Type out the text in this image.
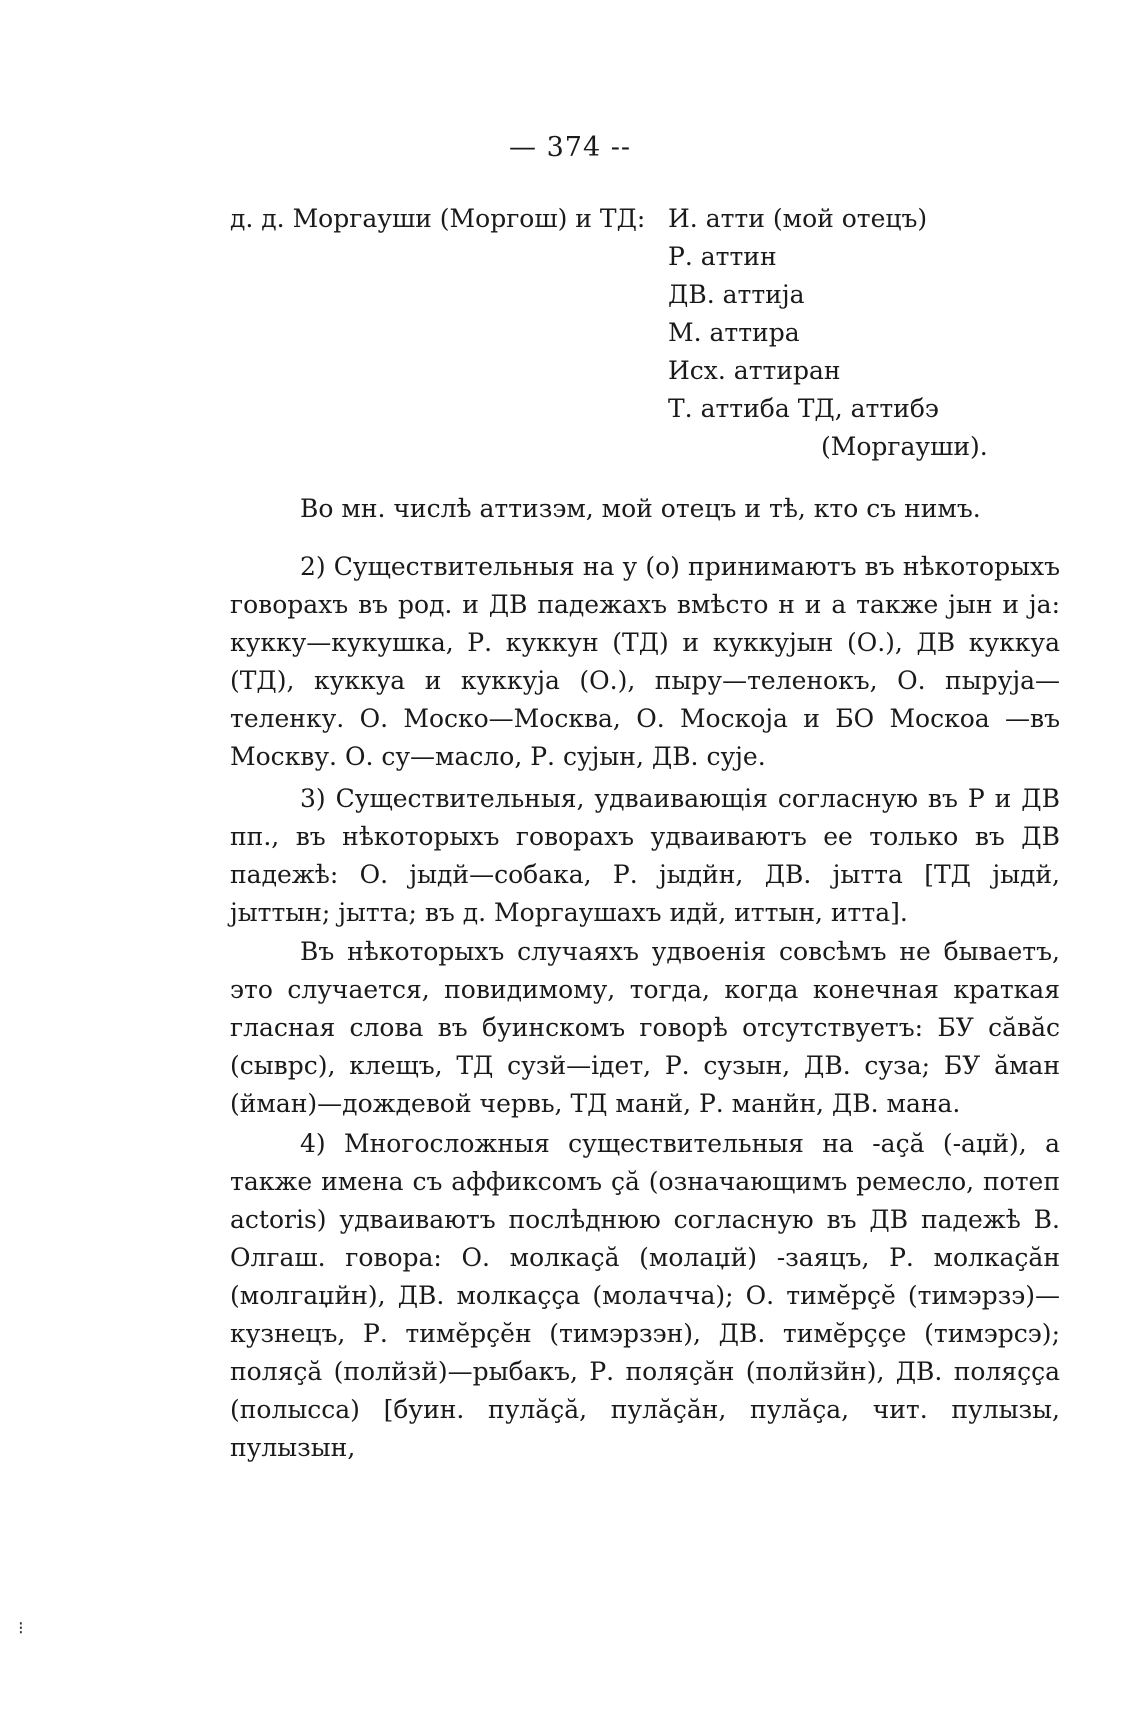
— 374 --
д. д. Моргауши (Моргош) и ТД: И. атти (мой отецъ)
Р. аттин
ДВ. аттија
М. аттира
Исх. аттиран
Т. аттиба ТД, аттибэ
(Моргауши).
Во мн. числѣ аттизэм, мой отецъ и тѣ, кто съ нимъ.

2) Существительныя на у (о) принимаютъ въ нѣкоторыхъ говорахъ въ род. и ДВ падежахъ вмѣсто н и а также јын и ја: кукку—кукушка, Р. куккун (ТД) и куккујын (О.), ДВ куккуа (ТД), куккуа и куккуја (О.), пыру—теленокъ, О. пыруја—теленку. О. Моско—Москва, О. Москоја и БО Москоа —въ Москву. О. су—масло, Р. сујын, ДВ. сује.

3) Существительныя, удваивающія согласную въ Р и ДВ пп., въ нѣкоторыхъ говорахъ удваиваютъ ее только въ ДВ падежѣ: О. јыдй—собака, Р. јыдйн, ДВ. јытта [ТД јыдй, јыттын; јытта; въ д. Моргаушахъ идй, иттын, итта].

Въ нѣкоторыхъ случаяхъ удвоенія совсѣмъ не бываетъ, это случается, повидимому, тогда, когда конечная краткая гласная слова въ буинскомъ говорѣ отсутствуетъ: БУ сăвăс (сыврс), клещъ, ТД сузй—ідет, Р. сузын, ДВ. суза; БУ ăман (йман)—дождевой червь, ТД манй, Р. манйн, ДВ. мана.

4) Многосложныя существительныя на -аҫă (-аџй), а также имена съ аффиксомъ ҫă (означающимъ ремесло, потеп actoris) удваиваютъ послѣднюю согласную въ ДВ падежѣ В. Олгаш. говора: О. молкаҫă (молаџй) -заяцъ, Р. молкаҫăн (молгаџйн), ДВ. молкаҫҫа (молачча); О. тимĕрҫĕ (тимэрзэ)—кузнецъ, Р. тимĕрҫĕн (тимэрзэн), ДВ. тимĕрҫҫе (тимэрсэ); поляҫă (полйзй)—рыбакъ, Р. поляҫăн (полйзйн), ДВ. поляҫҫа (полысса) [буин. пулăҫă, пулăҫăн, пулăҫа, чит. пулызы, пулызын,

⁝
